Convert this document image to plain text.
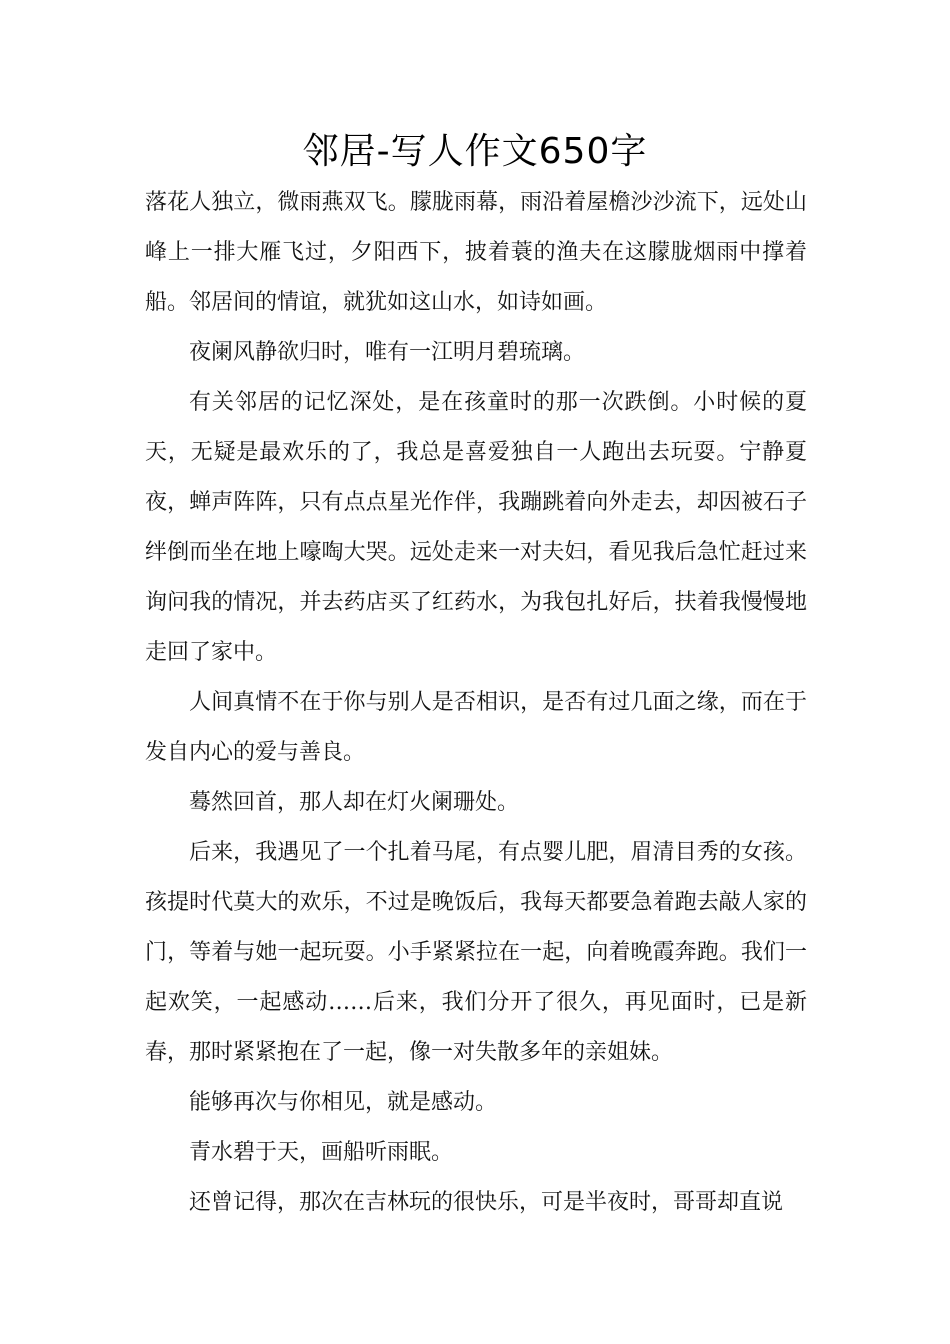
邻居-写人作文650字

落花人独立，微雨燕双飞。朦胧雨幕，雨沿着屋檐沙沙流下，远处山峰上一排大雁飞过，夕阳西下，披着蓑的渔夫在这朦胧烟雨中撑着船。邻居间的情谊，就犹如这山水，如诗如画。

夜阑风静欲归时，唯有一江明月碧琉璃。

有关邻居的记忆深处，是在孩童时的那一次跌倒。小时候的夏天，无疑是最欢乐的了，我总是喜爱独自一人跑出去玩耍。宁静夏夜，蝉声阵阵，只有点点星光作伴，我蹦跳着向外走去，却因被石子绊倒而坐在地上嚎啕大哭。远处走来一对夫妇，看见我后急忙赶过来询问我的情况，并去药店买了红药水，为我包扎好后，扶着我慢慢地走回了家中。

人间真情不在于你与别人是否相识，是否有过几面之缘，而在于发自内心的爱与善良。

蓦然回首，那人却在灯火阑珊处。

后来，我遇见了一个扎着马尾，有点婴儿肥，眉清目秀的女孩。孩提时代莫大的欢乐，不过是晚饭后，我每天都要急着跑去敲人家的门，等着与她一起玩耍。小手紧紧拉在一起，向着晚霞奔跑。我们一起欢笑，一起感动……后来，我们分开了很久，再见面时，已是新春，那时紧紧抱在了一起，像一对失散多年的亲姐妹。

能够再次与你相见，就是感动。

青水碧于天，画船听雨眠。

还曾记得，那次在吉林玩的很快乐，可是半夜时，哥哥却直说
